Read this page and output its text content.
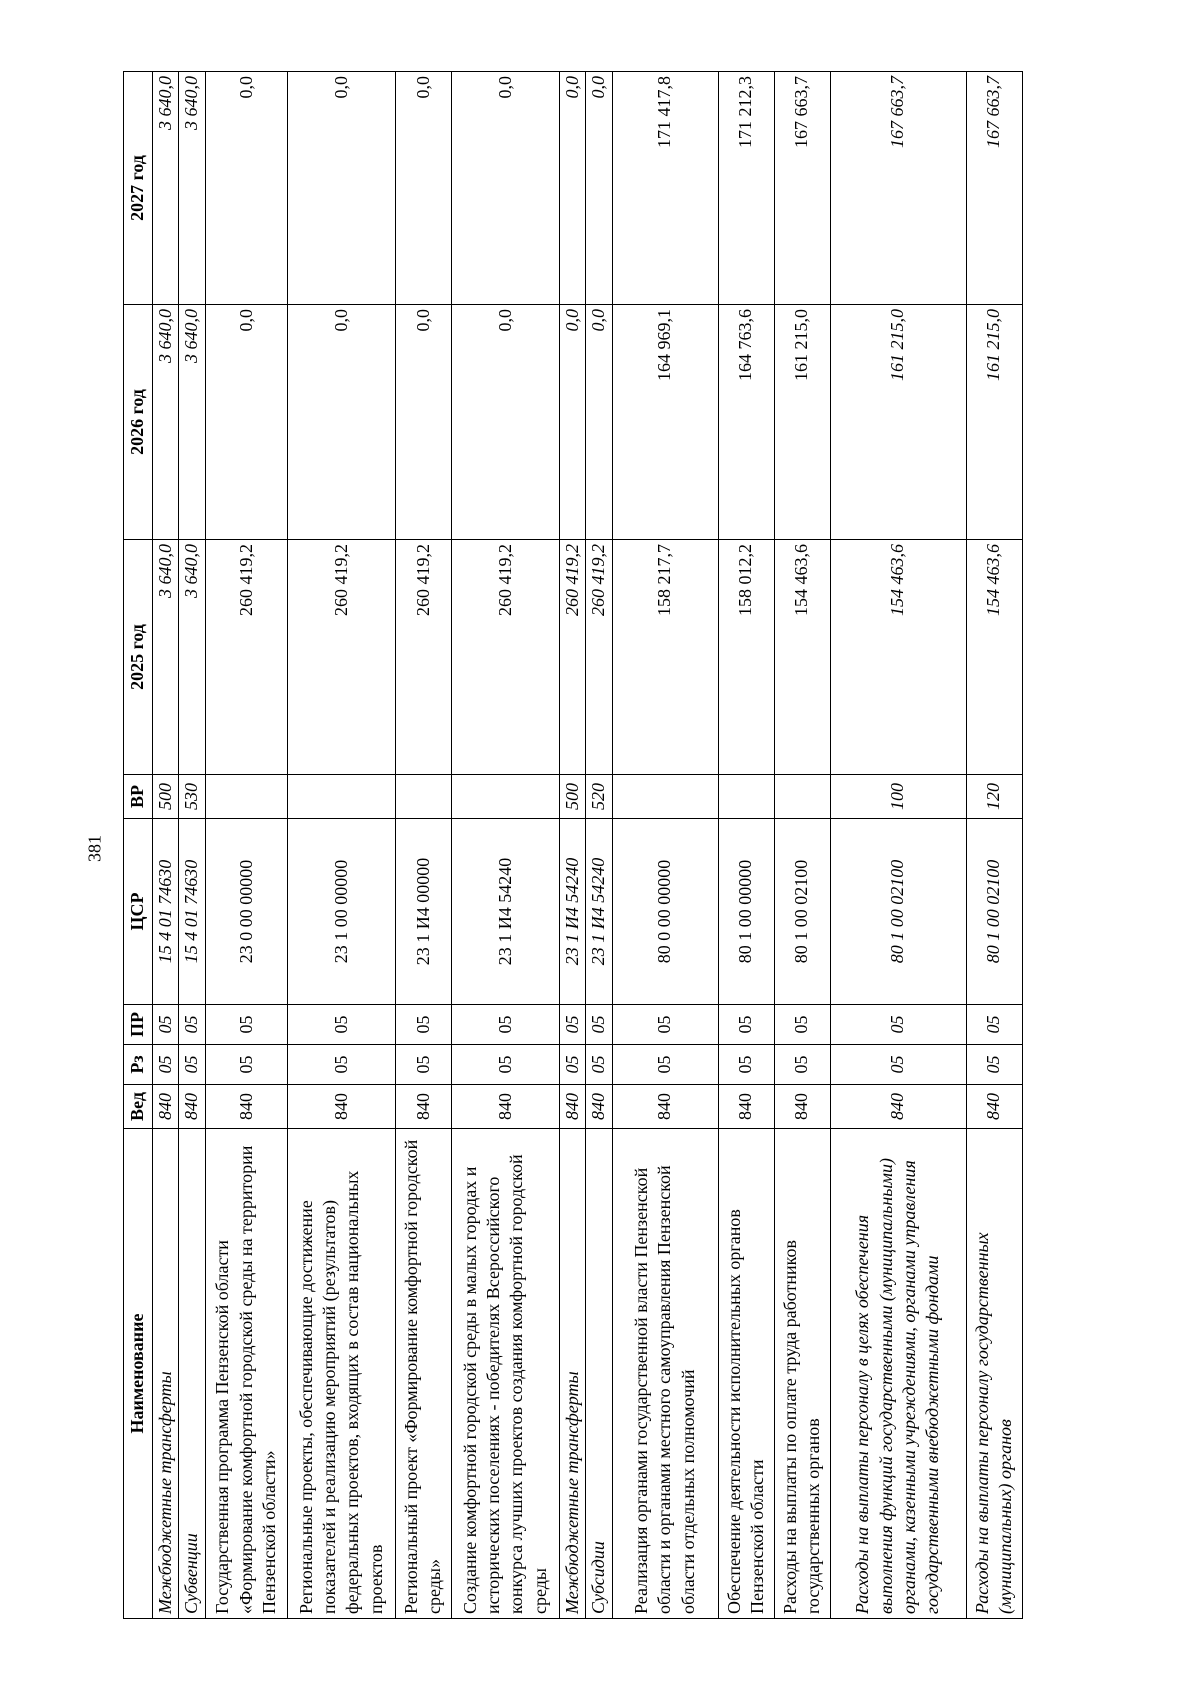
381
Наименование	Вед	Рз	ПР	ЦСР	ВР	2025 год	2026 год	2027 год
Межбюджетные трансферты	840	05	05	15 4 01 74630	500	3 640,0	3 640,0	3 640,0
Субвенции	840	05	05	15 4 01 74630	530	3 640,0	3 640,0	3 640,0
Государственная программа Пензенской области «Формирование комфортной городской среды на территории Пензенской области»	840	05	05	23 0 00 00000		260 419,2	0,0	0,0
Региональные проекты, обеспечивающие достижение показателей и реализацию мероприятий (результатов) федеральных проектов, входящих в состав национальных проектов	840	05	05	23 1 00 00000		260 419,2	0,0	0,0
Региональный проект «Формирование комфортной городской среды»	840	05	05	23 1 И4 00000		260 419,2	0,0	0,0
Создание комфортной городской среды в малых городах и исторических поселениях - победителях Всероссийского конкурса лучших проектов создания комфортной городской среды	840	05	05	23 1 И4 54240		260 419,2	0,0	0,0
Межбюджетные трансферты	840	05	05	23 1 И4 54240	500	260 419,2	0,0	0,0
Субсидии	840	05	05	23 1 И4 54240	520	260 419,2	0,0	0,0
Реализация органами государственной власти Пензенской области и органами местного самоуправления Пензенской области отдельных полномочий	840	05	05	80 0 00 00000		158 217,7	164 969,1	171 417,8
Обеспечение деятельности исполнительных органов Пензенской области	840	05	05	80 1 00 00000		158 012,2	164 763,6	171 212,3
Расходы на выплаты по оплате труда работников государственных органов	840	05	05	80 1 00 02100		154 463,6	161 215,0	167 663,7
Расходы на выплаты персоналу в целях обеспечения выполнения функций государственными (муниципальными) органами, казенными учреждениями, органами управления государственными внебюджетными фондами	840	05	05	80 1 00 02100	100	154 463,6	161 215,0	167 663,7
Расходы на выплаты персоналу государственных (муниципальных) органов	840	05	05	80 1 00 02100	120	154 463,6	161 215,0	167 663,7
